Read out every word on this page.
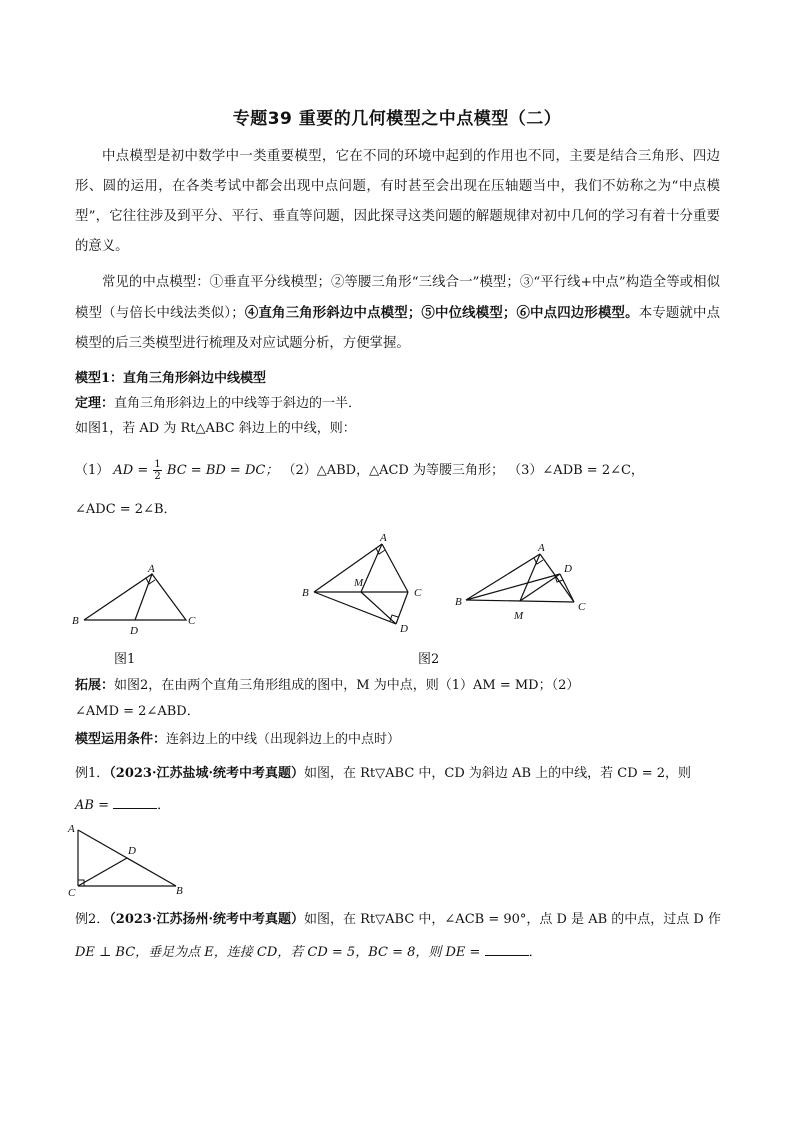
专题39 重要的几何模型之中点模型（二）

中点模型是初中数学中一类重要模型，它在不同的环境中起到的作用也不同，主要是结合三角形、四边形、圆的运用，在各类考试中都会出现中点问题，有时甚至会出现在压轴题当中，我们不妨称之为“中点模型”，它往往涉及到平分、平行、垂直等问题，因此探寻这类问题的解题规律对初中几何的学习有着十分重要的意义。

常见的中点模型：①垂直平分线模型；②等腰三角形“三线合一”模型；③“平行线+中点”构造全等或相似模型（与倍长中线法类似）；④直角三角形斜边中点模型；⑤中位线模型；⑥中点四边形模型。本专题就中点模型的后三类模型进行梳理及对应试题分析，方便掌握。

模型1：直角三角形斜边中线模型
定理：直角三角形斜边上的中线等于斜边的一半．
如图1，若 AD 为 Rt△ABC 斜边上的中线，则：
（1） AD = $\frac{1}{2}$ BC = BD = DC； （2）△ABD，△ACD 为等腰三角形； （3）∠ADB = 2∠C，
∠ADC = 2∠B．
A
B
D
C
A
B
M
C
D
A
D
B
M
C
图1	图2
拓展：如图2，在由两个直角三角形组成的图中，M 为中点，则（1）AM = MD；（2）
∠AMD = 2∠ABD．
模型运用条件：连斜边上的中线（出现斜边上的中点时）
例1．（2023·江苏盐城·统考中考真题）如图，在 Rt▽ABC 中，CD 为斜边 AB 上的中线，若 CD = 2，则
AB =	．
A
D
C	B
例2．（2023·江苏扬州·统考中考真题）如图，在 Rt▽ABC 中，∠ACB = 90°，点 D 是 AB 的中点，过点 D 作
DE ⊥ BC，垂足为点 E，连接 CD，若 CD = 5，BC = 8，则 DE =	．
